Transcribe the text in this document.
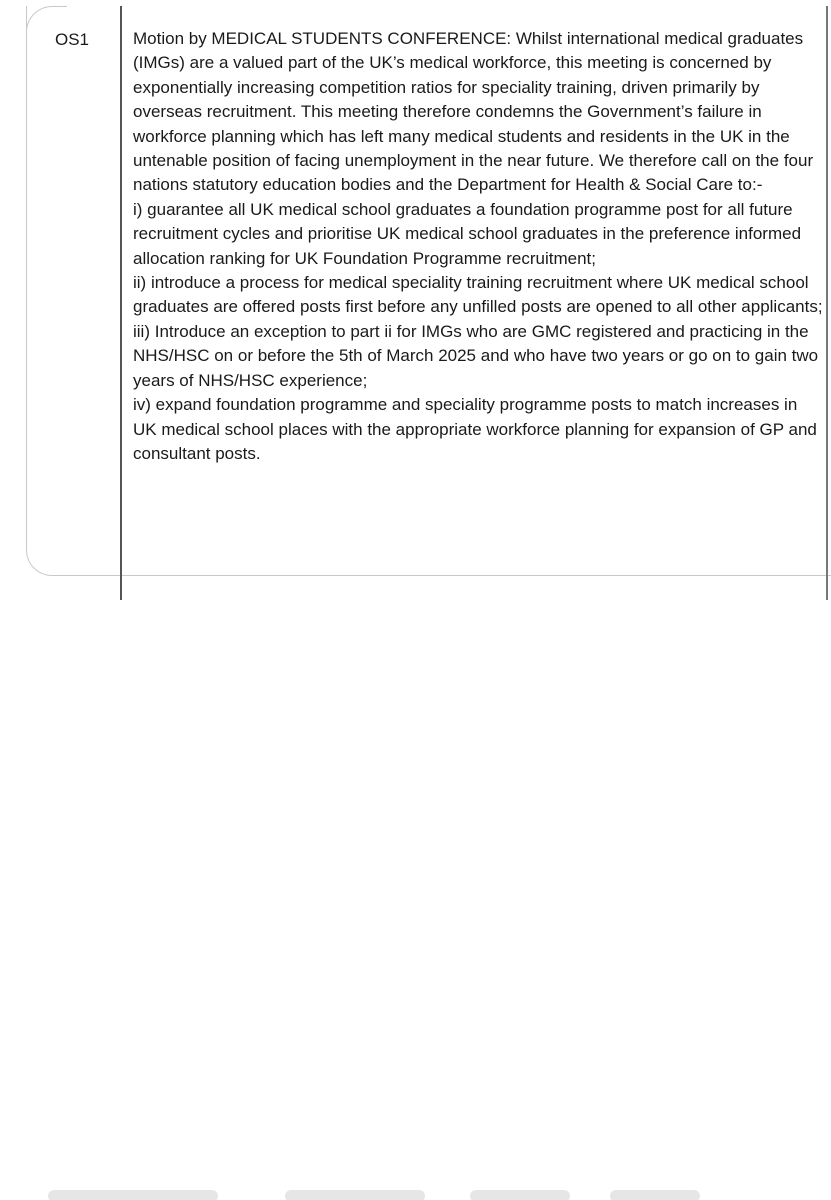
OS1	Motion by MEDICAL STUDENTS CONFERENCE: Whilst international medical graduates (IMGs) are a valued part of the UK’s medical workforce, this meeting is concerned by exponentially increasing competition ratios for speciality training, driven primarily by overseas recruitment. This meeting therefore condemns the Government’s failure in workforce planning which has left many medical students and residents in the UK in the untenable position of facing unemployment in the near future. We therefore call on the four nations statutory education bodies and the Department for Health & Social Care to:-

i) guarantee all UK medical school graduates a foundation programme post for all future recruitment cycles and prioritise UK medical school graduates in the preference informed allocation ranking for UK Foundation Programme recruitment;

ii) introduce a process for medical speciality training recruitment where UK medical school graduates are offered posts first before any unfilled posts are opened to all other applicants;

iii) Introduce an exception to part ii for IMGs who are GMC registered and practicing in the NHS/HSC on or before the 5th of March 2025 and who have two years or go on to gain two years of NHS/HSC experience;

iv) expand foundation programme and speciality programme posts to match increases in UK medical school places with the appropriate workforce planning for expansion of GP and consultant posts.
